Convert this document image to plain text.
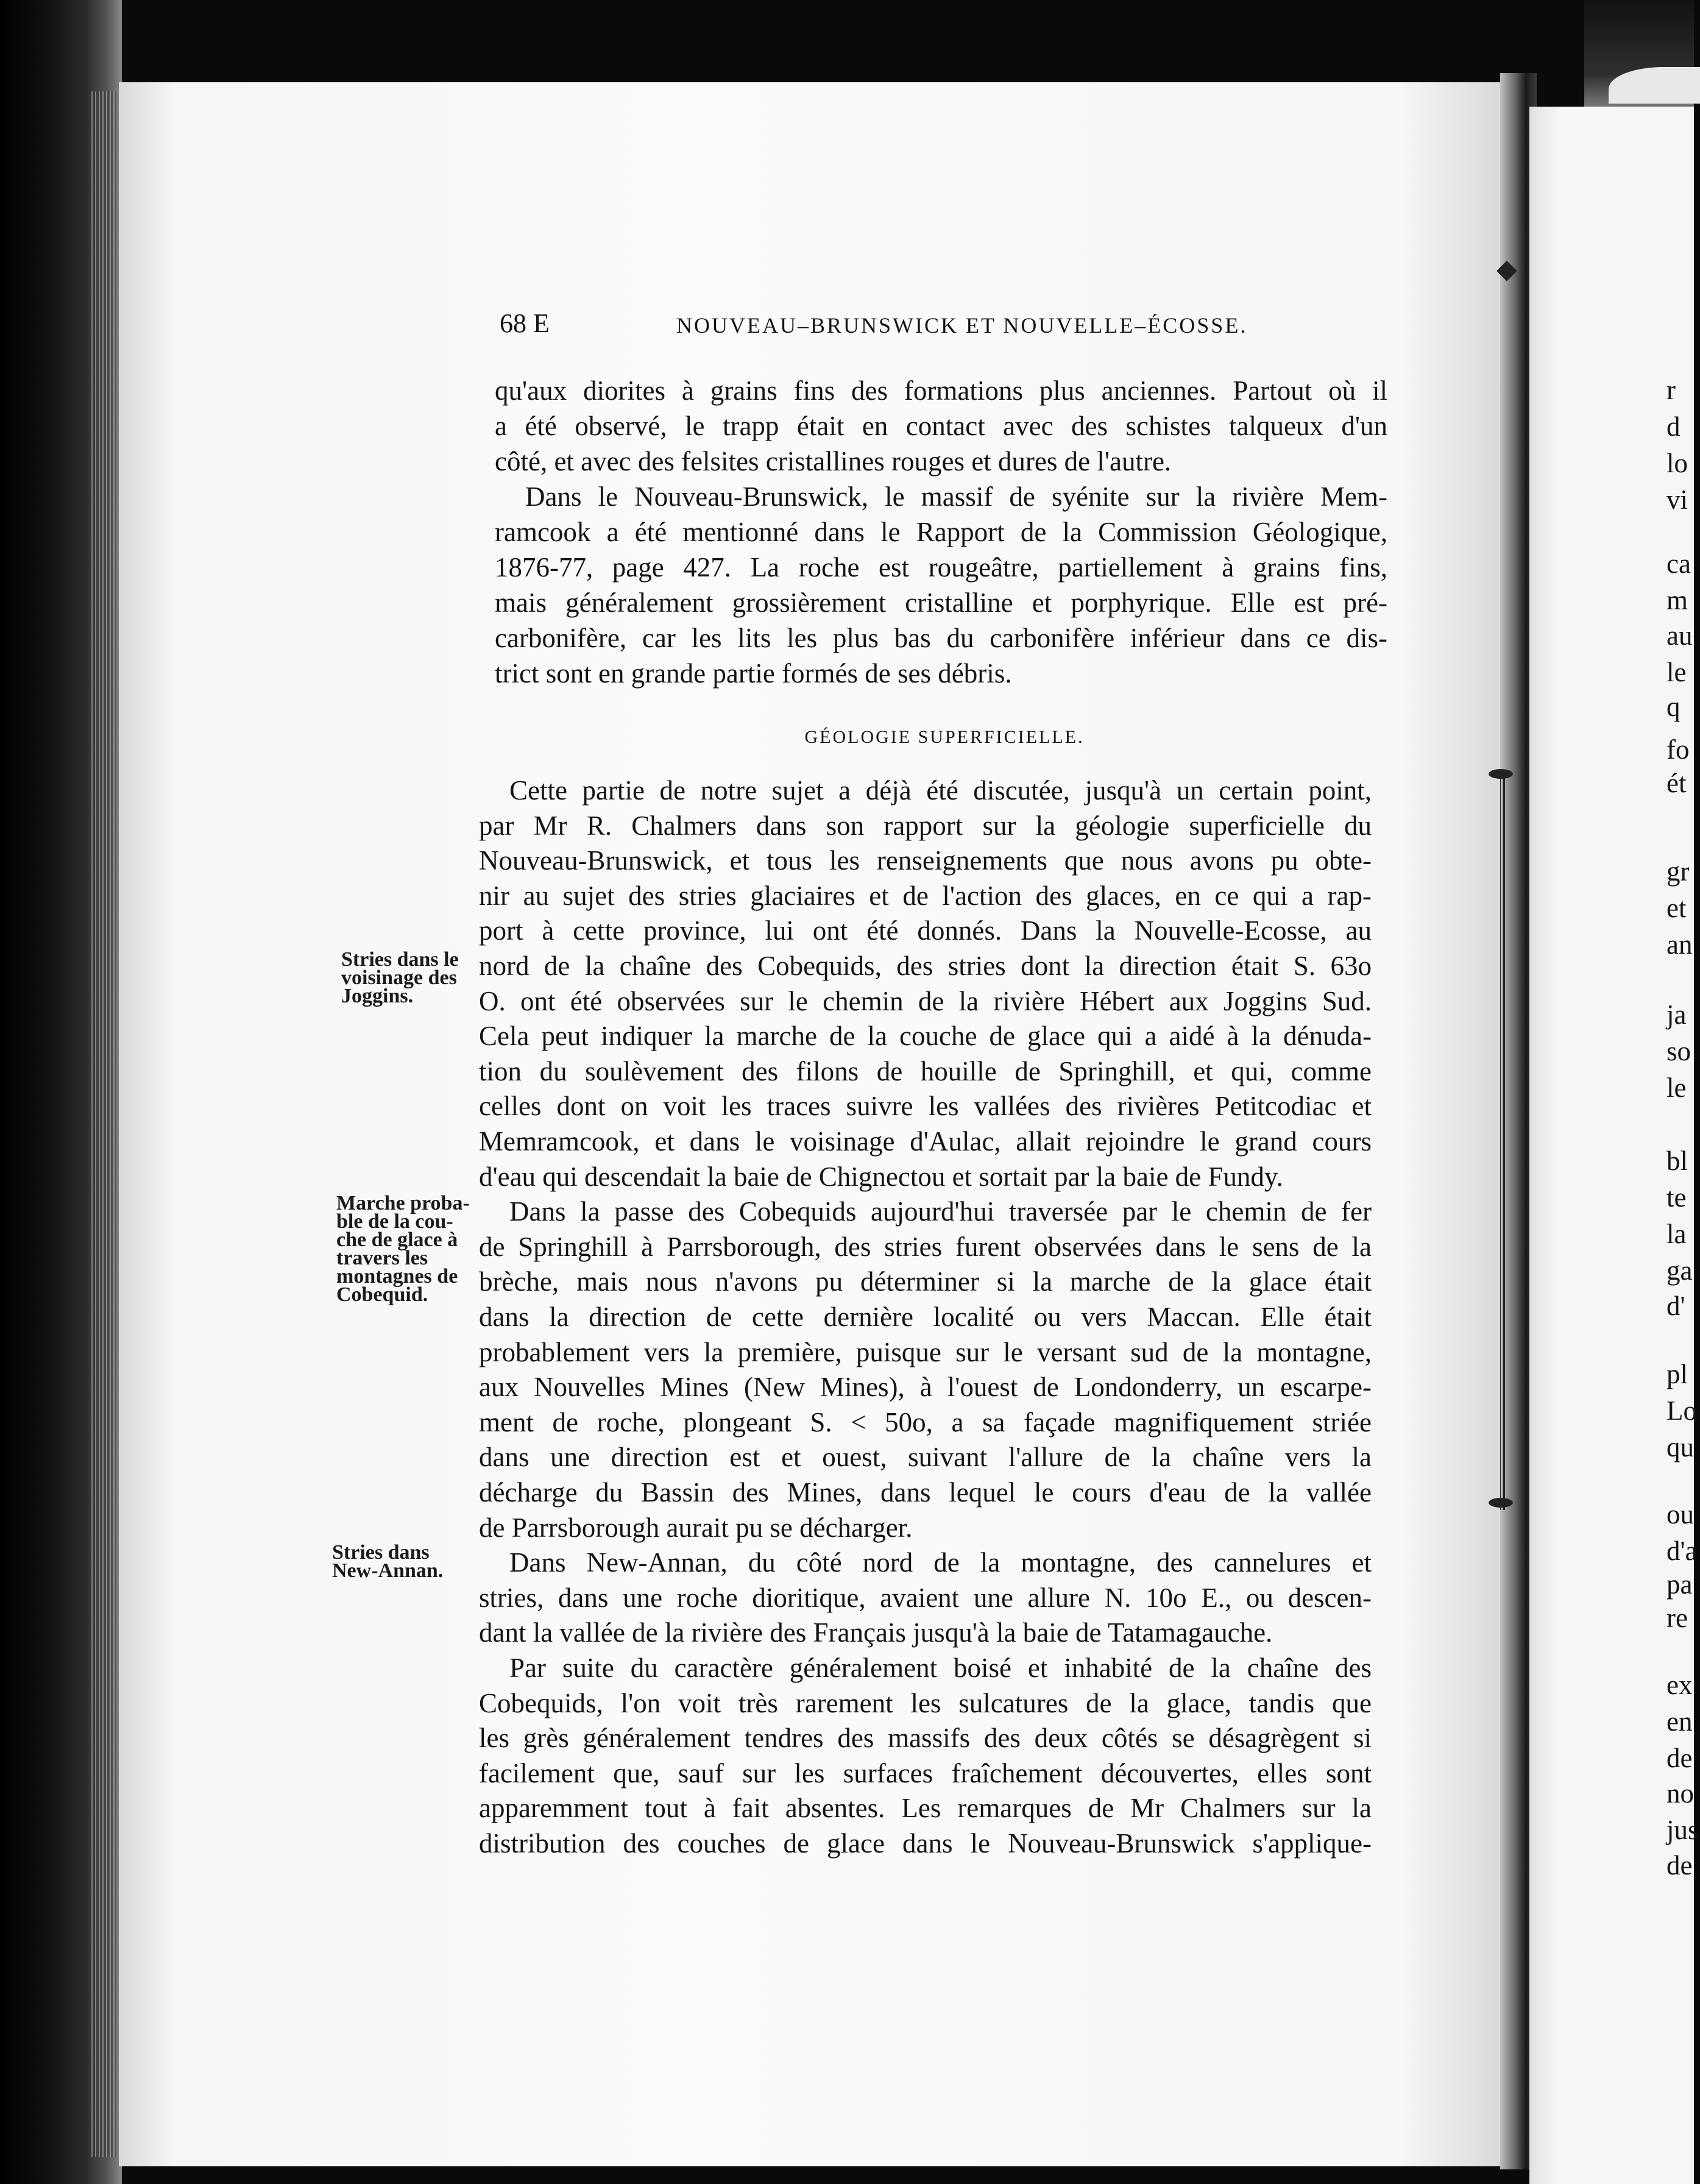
◆
68 E	NOUVEAU–BRUNSWICK ET NOUVELLE–ÉCOSSE.
GÉOLOGIE SUPERFICIELLE.
qu'aux diorites à grains fins des formations plus anciennes. Partout où il
a été observé, le trapp était en contact avec des schistes talqueux d'un
côté, et avec des felsites cristallines rouges et dures de l'autre.
Dans le Nouveau-Brunswick, le massif de syénite sur la rivière Mem-
ramcook a été mentionné dans le Rapport de la Commission Géologique,
1876-77, page 427. La roche est rougeâtre, partiellement à grains fins,
mais généralement grossièrement cristalline et porphyrique. Elle est pré-
carbonifère, car les lits les plus bas du carbonifère inférieur dans ce dis-
trict sont en grande partie formés de ses débris.
Cette partie de notre sujet a déjà été discutée, jusqu'à un certain point,
par Mr R. Chalmers dans son rapport sur la géologie superficielle du
Nouveau-Brunswick, et tous les renseignements que nous avons pu obte-
nir au sujet des stries glaciaires et de l'action des glaces, en ce qui a rap-
port à cette province, lui ont été donnés. Dans la Nouvelle-Ecosse, au
nord de la chaîne des Cobequids, des stries dont la direction était S. 63o
O. ont été observées sur le chemin de la rivière Hébert aux Joggins Sud.
Cela peut indiquer la marche de la couche de glace qui a aidé à la dénuda-
tion du soulèvement des filons de houille de Springhill, et qui, comme
celles dont on voit les traces suivre les vallées des rivières Petitcodiac et
Memramcook, et dans le voisinage d'Aulac, allait rejoindre le grand cours
d'eau qui descendait la baie de Chignectou et sortait par la baie de Fundy.
Dans la passe des Cobequids aujourd'hui traversée par le chemin de fer
de Springhill à Parrsborough, des stries furent observées dans le sens de la
brèche, mais nous n'avons pu déterminer si la marche de la glace était
dans la direction de cette dernière localité ou vers Maccan. Elle était
probablement vers la première, puisque sur le versant sud de la montagne,
aux Nouvelles Mines (New Mines), à l'ouest de Londonderry, un escarpe-
ment de roche, plongeant S. < 50o, a sa façade magnifiquement striée
dans une direction est et ouest, suivant l'allure de la chaîne vers la
décharge du Bassin des Mines, dans lequel le cours d'eau de la vallée
de Parrsborough aurait pu se décharger.
Dans New-Annan, du côté nord de la montagne, des cannelures et
stries, dans une roche dioritique, avaient une allure N. 10o E., ou descen-
dant la vallée de la rivière des Français jusqu'à la baie de Tatamagauche.
Par suite du caractère généralement boisé et inhabité de la chaîne des
Cobequids, l'on voit très rarement les sulcatures de la glace, tandis que
les grès généralement tendres des massifs des deux côtés se désagrègent si
facilement que, sauf sur les surfaces fraîchement découvertes, elles sont
apparemment tout à fait absentes. Les remarques de Mr Chalmers sur la
distribution des couches de glace dans le Nouveau-Brunswick s'applique-
Stries dans le
voisinage des
Joggins.
Marche proba-
ble de la cou-
che de glace à
travers les
montagnes de
Cobequid.
Stries dans
New-Annan.
r
d
lo
vi
ca
m
au
le
q
fo
ét
gr
et
an
ja
so
le
bl
te
la
ga
d'
pl
Lo
qu
ou
d'a
pa
re
ex
en
de
no
jus
de
